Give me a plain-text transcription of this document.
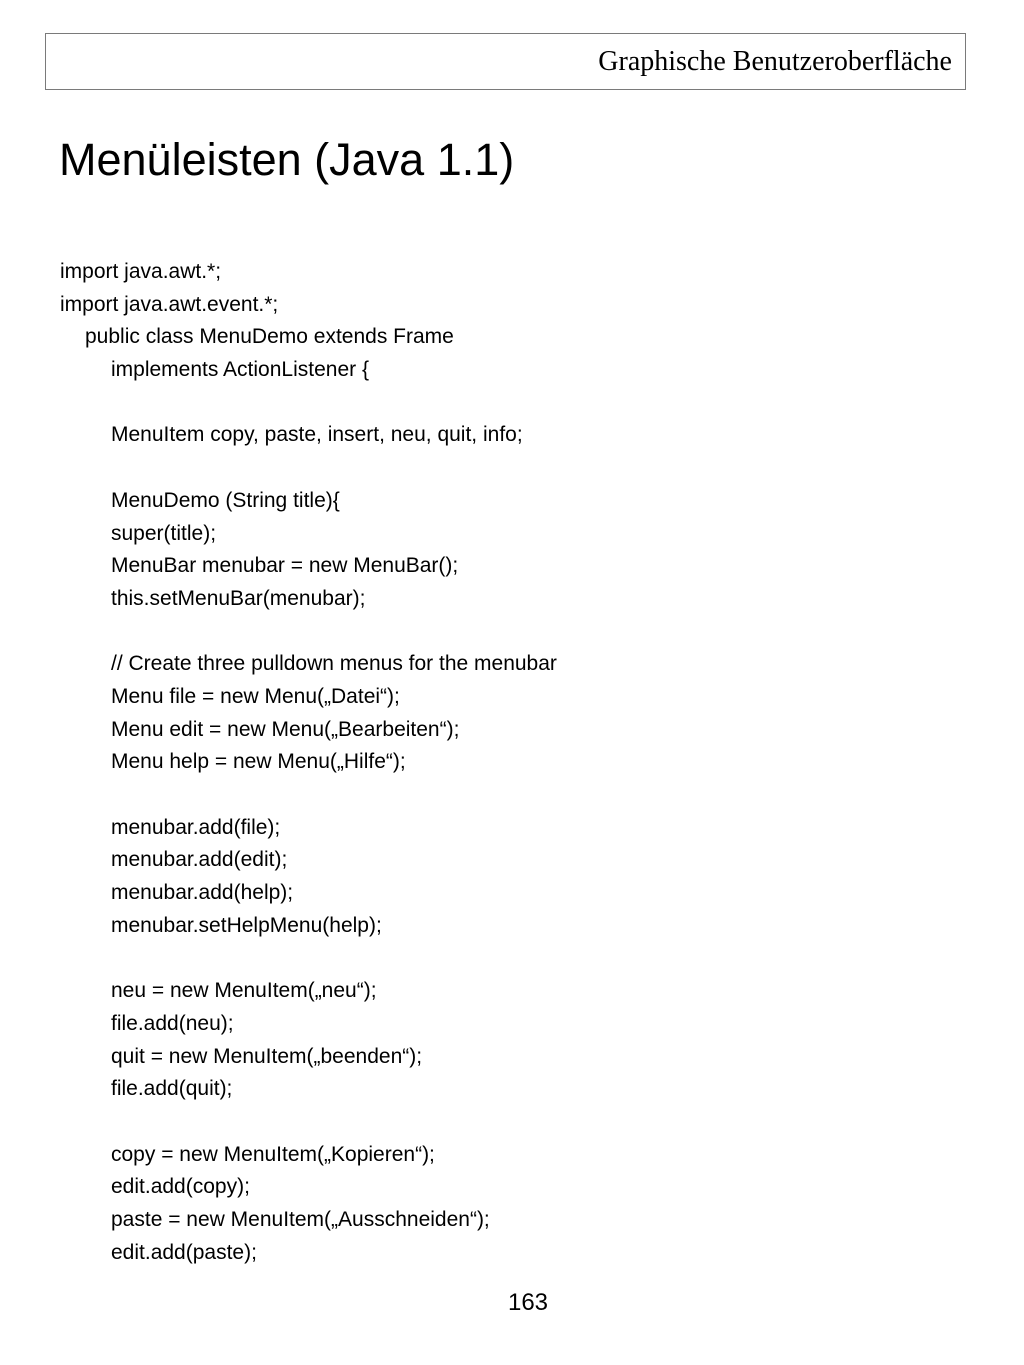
Graphische Benutzeroberfläche
Menüleisten (Java 1.1)
import java.awt.*;
import java.awt.event.*;
public class MenuDemo extends Frame
implements ActionListener {
MenuItem copy, paste, insert, neu, quit, info;
MenuDemo (String title){
super(title);
MenuBar menubar = new MenuBar();
this.setMenuBar(menubar);
// Create three pulldown menus for the menubar
Menu file = new Menu(„Datei“);
Menu edit = new Menu(„Bearbeiten“);
Menu help = new Menu(„Hilfe“);
menubar.add(file);
menubar.add(edit);
menubar.add(help);
menubar.setHelpMenu(help);
neu = new MenuItem(„neu“);
file.add(neu);
quit = new MenuItem(„beenden“);
file.add(quit);
copy = new MenuItem(„Kopieren“);
edit.add(copy);
paste = new MenuItem(„Ausschneiden“);
edit.add(paste);
163
